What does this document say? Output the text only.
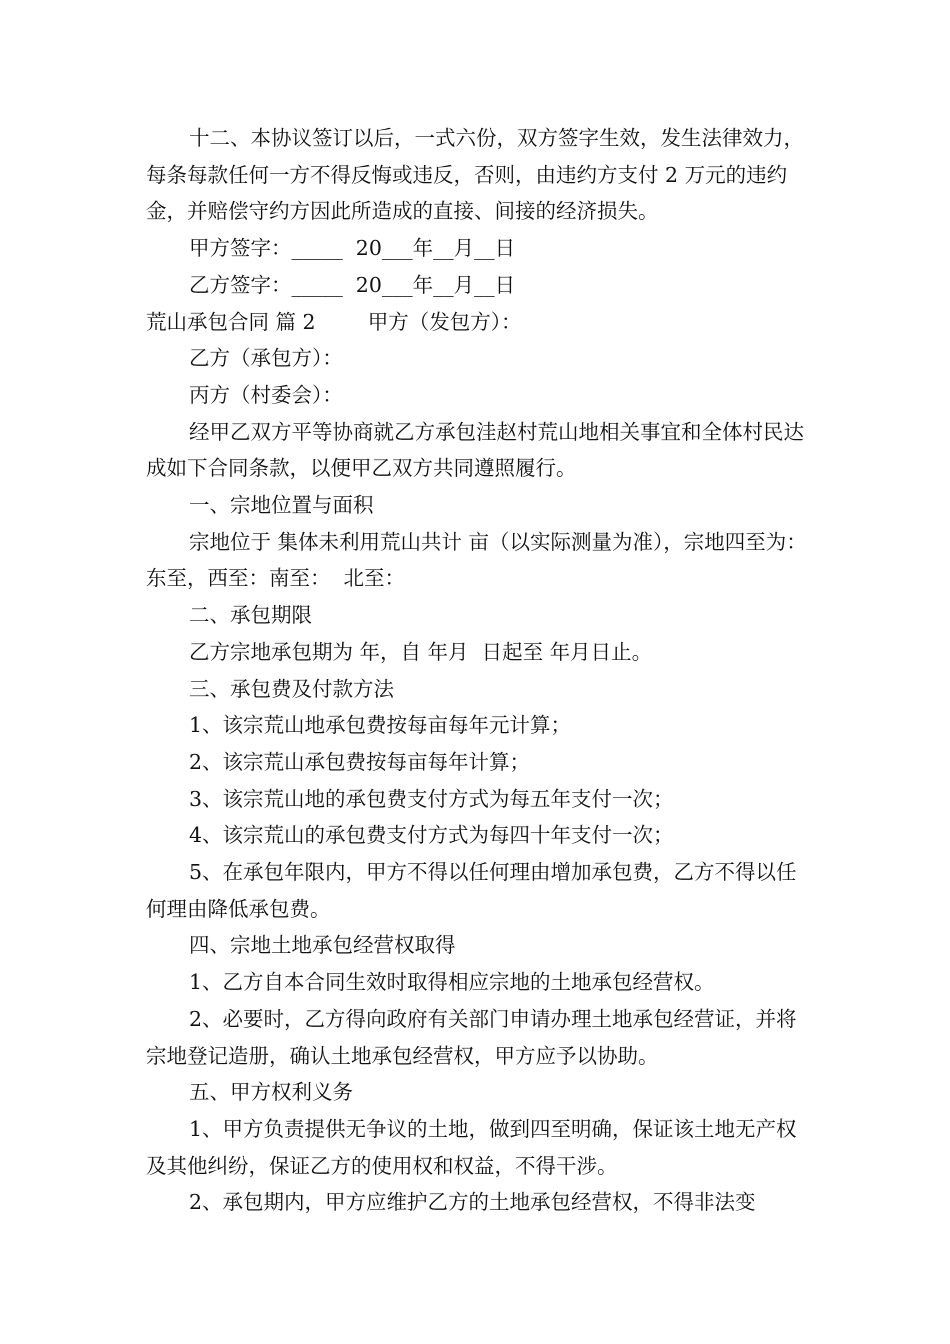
十二、本协议签订以后，一式六份，双方签字生效，发生法律效力，每条每款任何一方不得反悔或违反，否则，由违约方支付 2 万元的违约金，并赔偿守约方因此所造成的直接、间接的经济损失。

甲方签字：_____  20___年__月__日

乙方签字：_____  20___年__月__日

荒山承包合同 篇 2        甲方（发包方）：

乙方（承包方）：

丙方（村委会）：

经甲乙双方平等协商就乙方承包洼赵村荒山地相关事宜和全体村民达成如下合同条款，以便甲乙双方共同遵照履行。

一、宗地位置与面积

宗地位于 集体未利用荒山共计 亩（以实际测量为准），宗地四至为：东至，西至：南至：  北至：

二、承包期限

乙方宗地承包期为 年，自 年月  日起至 年月日止。

三、承包费及付款方法

1、该宗荒山地承包费按每亩每年元计算；

2、该宗荒山承包费按每亩每年计算；

3、该宗荒山地的承包费支付方式为每五年支付一次；

4、该宗荒山的承包费支付方式为每四十年支付一次；

5、在承包年限内，甲方不得以任何理由增加承包费，乙方不得以任何理由降低承包费。

四、宗地土地承包经营权取得

1、乙方自本合同生效时取得相应宗地的土地承包经营权。

2、必要时，乙方得向政府有关部门申请办理土地承包经营证，并将宗地登记造册，确认土地承包经营权，甲方应予以协助。

五、甲方权利义务

1、甲方负责提供无争议的土地，做到四至明确，保证该土地无产权及其他纠纷，保证乙方的使用权和权益，不得干涉。

2、承包期内，甲方应维护乙方的土地承包经营权，不得非法变
